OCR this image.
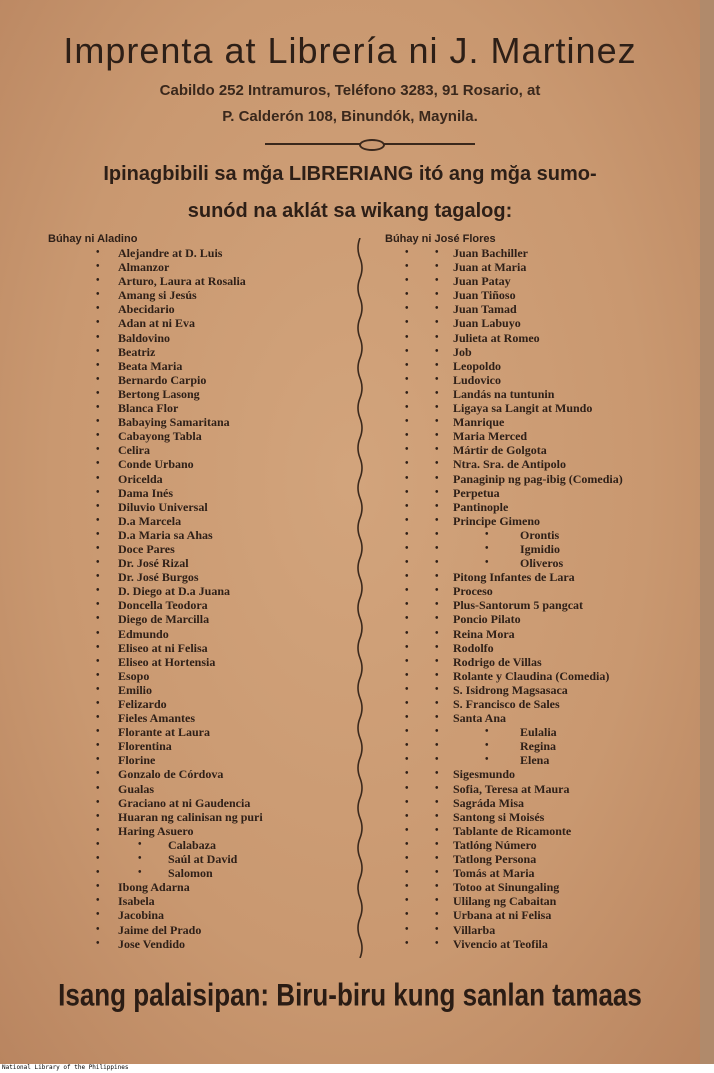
Imprenta at Librería ni J. Martinez
Cabildo 252 Intramuros, Teléfono 3283, 91 Rosario, at
P. Calderón 108, Binundók, Maynila.
Ipinagbibili sa mğa LIBRERIANG itó ang mğa sumo-
sunód na aklát sa wikang tagalog:
Búhay ni Aladino
• Alejandre at D. Luis
• Almanzor
• Arturo, Laura at Rosalia
• Amang si Jesús
• Abecidario
• Adan at ni Eva
• Baldovino
• Beatriz
• Beata Maria
• Bernardo Carpio
• Bertong Lasong
• Blanca Flor
• Babaying Samaritana
• Cabayong Tabla
• Celira
• Conde Urbano
• Oricelda
• Dama Inés
• Diluvio Universal
• D.a Marcela
• D.a Maria sa Ahas
• Doce Pares
• Dr. José Rizal
• Dr. José Burgos
• D. Diego at D.a Juana
• Doncella Teodora
• Diego de Marcilla
• Edmundo
• Eliseo at ni Felisa
• Eliseo at Hortensia
• Esopo
• Emilio
• Felizardo
• Fieles Amantes
• Florante at Laura
• Florentina
• Florine
• Gonzalo de Córdova
• Gualas
• Graciano at ni Gaudencia
• Huaran ng calinisan ng puri
• Haring Asuero
•	• Calabaza
•	• Saúl at David
•	• Salomon
• Ibong Adarna
• Isabela
• Jacobina
• Jaime del Prado
• Jose Vendido
Búhay ni José Flores
•	• Juan Bachiller
•	• Juan at Maria
•	• Juan Patay
•	• Juan Tiñoso
•	• Juan Tamad
•	• Juan Labuyo
•	• Julieta at Romeo
•	• Job
•	• Leopoldo
•	• Ludovico
•	• Landás na tuntunin
•	• Ligaya sa Langit at Mundo
•	• Manrique
•	• Maria Merced
•	• Mártir de Golgota
•	• Ntra. Sra. de Antipolo
•	• Panaginip ng pag-ibig (Comedia)
•	• Perpetua
•	• Pantinople
•	• Principe Gimeno
•	•	•	Orontis
•	•	•	Igmidio
•	•	•	Oliveros
•	• Pitong Infantes de Lara
•	• Proceso
•	• Plus-Santorum 5 pangcat
•	• Poncio Pilato
•	• Reina Mora
•	• Rodolfo
•	• Rodrigo de Villas
•	• Rolante y Claudina (Comedia)
•	• S. Isidrong Magsasaca
•	• S. Francisco de Sales
•	• Santa Ana
•	•	•	Eulalia
•	•	•	Regina
•	•	•	Elena
•	• Sigesmundo
•	• Sofia, Teresa at Maura
•	• Sagráda Misa
•	• Santong si Moisés
•	• Tablante de Ricamonte
•	• Tatlóng Número
•	• Tatlong Persona
•	• Tomás at Maria
•	• Totoo at Sinungaling
•	• Ulilang ng Cabaitan
•	• Urbana at ni Felisa
•	• Villarba
•	• Vivencio at Teofila
Isang palaisipan: Biru-biru kung sanlan tamaas
National Library of the Philippines
